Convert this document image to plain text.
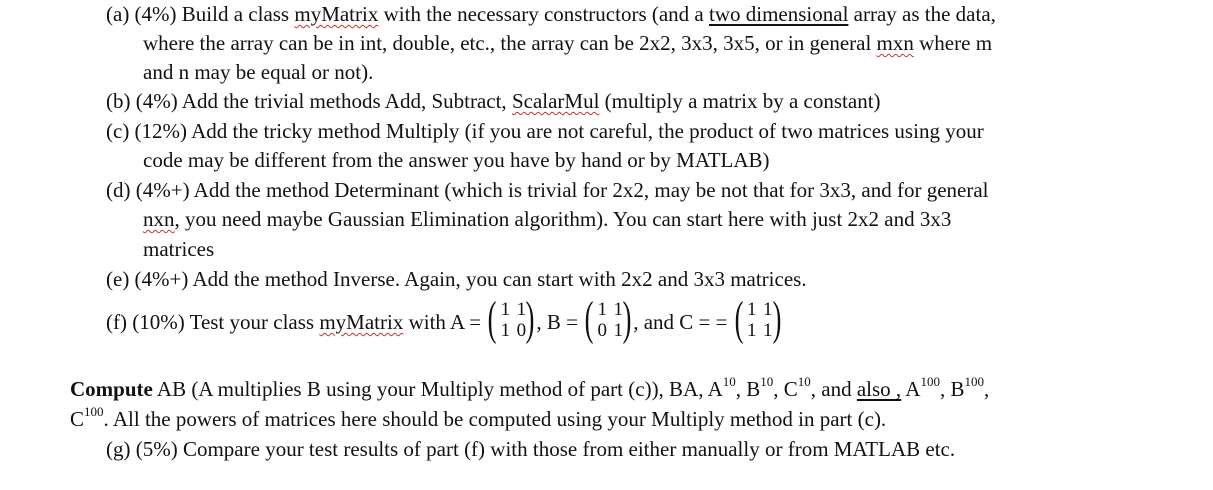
(a) (4%) Build a class myMatrix with the necessary constructors (and a two dimensional array as the data,
where the array can be in int, double, etc., the array can be 2x2, 3x3, 3x5, or in general mxn where m
and n may be equal or not).
(b) (4%) Add the trivial methods Add, Subtract, ScalarMul (multiply a matrix by a constant)
(c) (12%) Add the tricky method Multiply (if you are not careful, the product of two matrices using your
code may be different from the answer you have by hand or by MATLAB)
(d) (4%+) Add the method Determinant (which is trivial for 2x2, may be not that for 3x3, and for general
nxn, you need maybe Gaussian Elimination algorithm). You can start here with just 2x2 and 3x3
matrices
(e) (4%+) Add the method Inverse. Again, you can start with 2x2 and 3x3 matrices.
(f) (10%) Test your class myMatrix with A = ( 1 1
1 0 ) , B = ( 1 1
0 1 ) , and C = = ( 1 1
1 1 )
Compute AB (A multiplies B using your Multiply method of part (c)), BA, $A^{10}$, $B^{10}$, $C^{10}$, and also , $A^{100}$, $B^{100}$,
$C^{100}$. All the powers of matrices here should be computed using your Multiply method in part (c).
(g) (5%) Compare your test results of part (f) with those from either manually or from MATLAB etc.
